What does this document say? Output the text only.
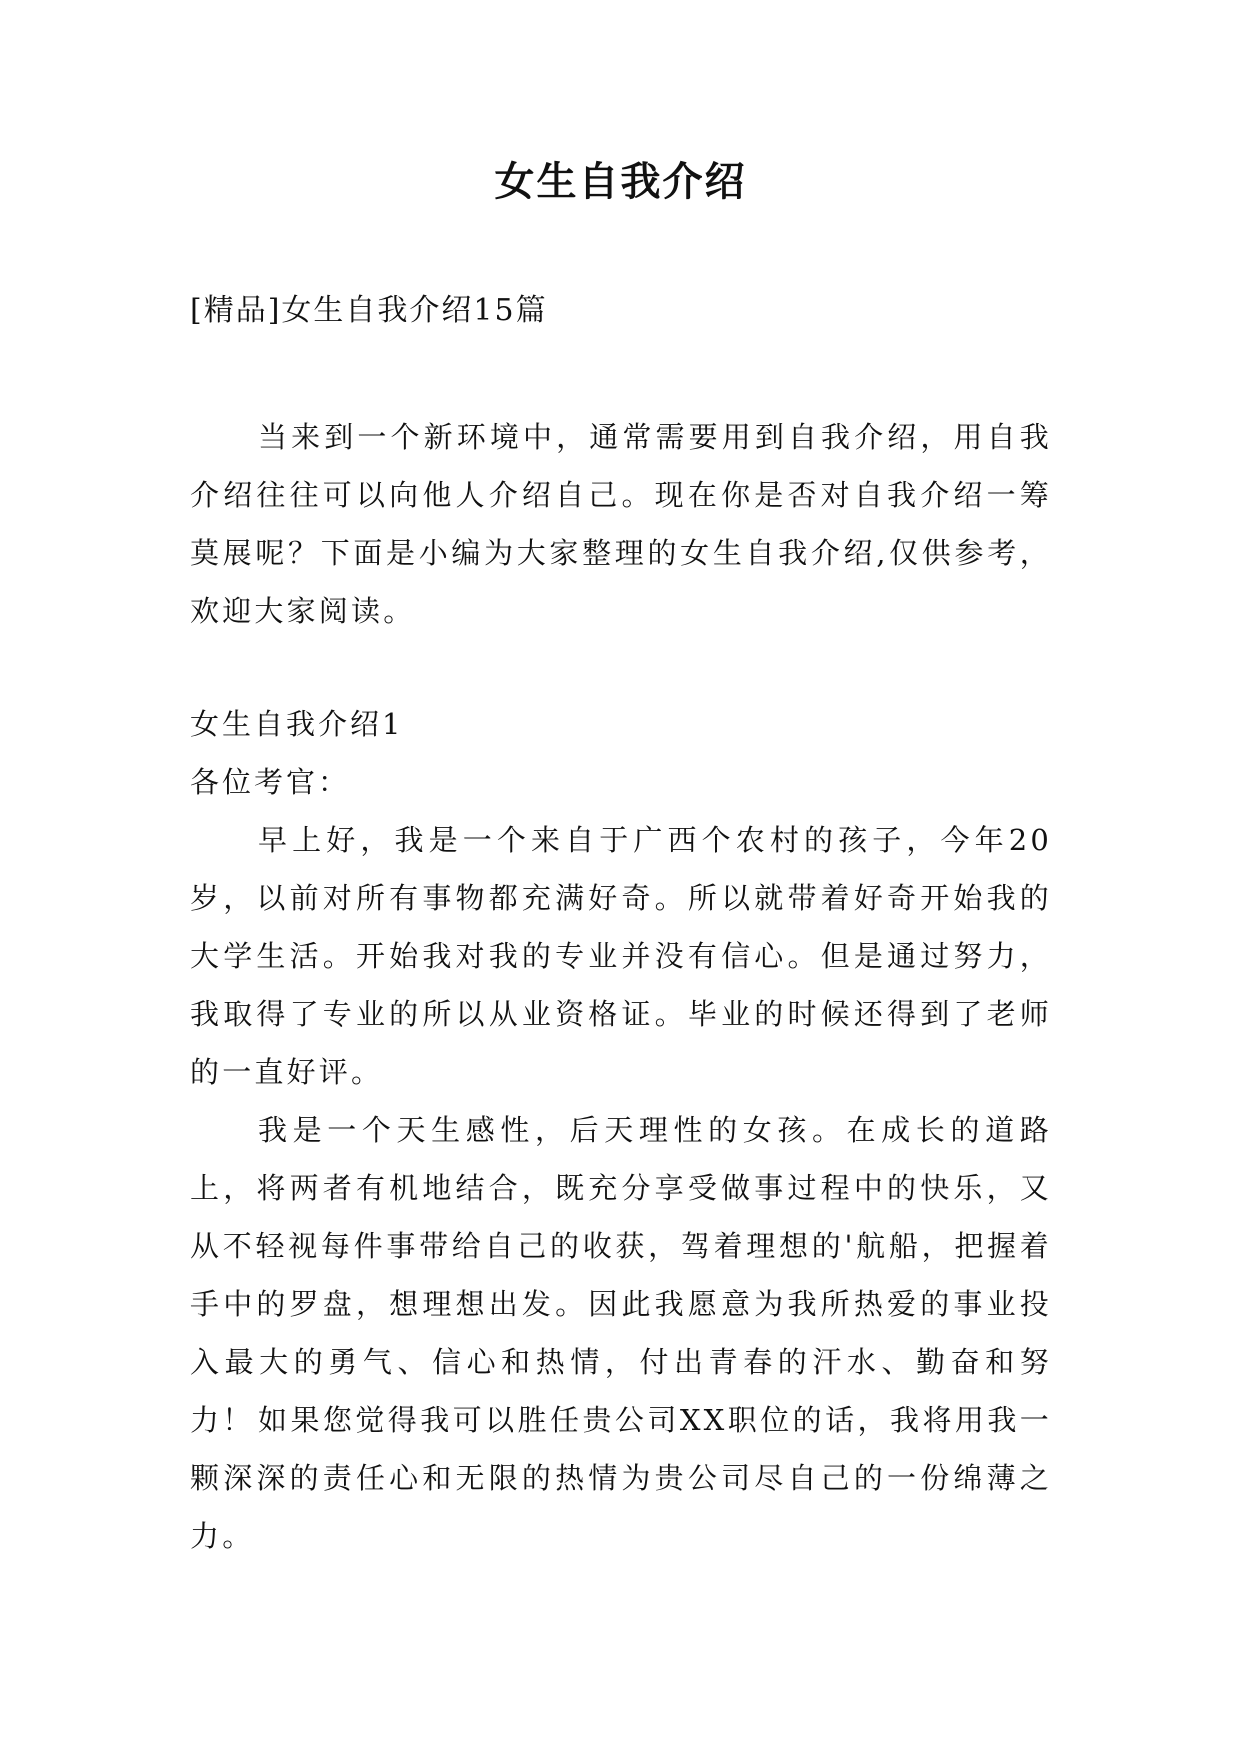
女生自我介绍
[精品]女生自我介绍15篇

当来到一个新环境中，通常需要用到自我介绍，用自我介绍往往可以向他人介绍自己。现在你是否对自我介绍一筹莫展呢？下面是小编为大家整理的女生自我介绍,仅供参考，欢迎大家阅读。

女生自我介绍1
各位考官：

早上好，我是一个来自于广西个农村的孩子，今年20岁，以前对所有事物都充满好奇。所以就带着好奇开始我的大学生活。开始我对我的专业并没有信心。但是通过努力，我取得了专业的所以从业资格证。毕业的时候还得到了老师的一直好评。

我是一个天生感性，后天理性的女孩。在成长的道路上，将两者有机地结合，既充分享受做事过程中的快乐，又从不轻视每件事带给自己的收获，驾着理想的'航船，把握着手中的罗盘，想理想出发。因此我愿意为我所热爱的事业投入最大的勇气、信心和热情，付出青春的汗水、勤奋和努力！ 如果您觉得我可以胜任贵公司XX职位的话，我将用我一颗深深的责任心和无限的热情为贵公司尽自己的一份绵薄之力。
